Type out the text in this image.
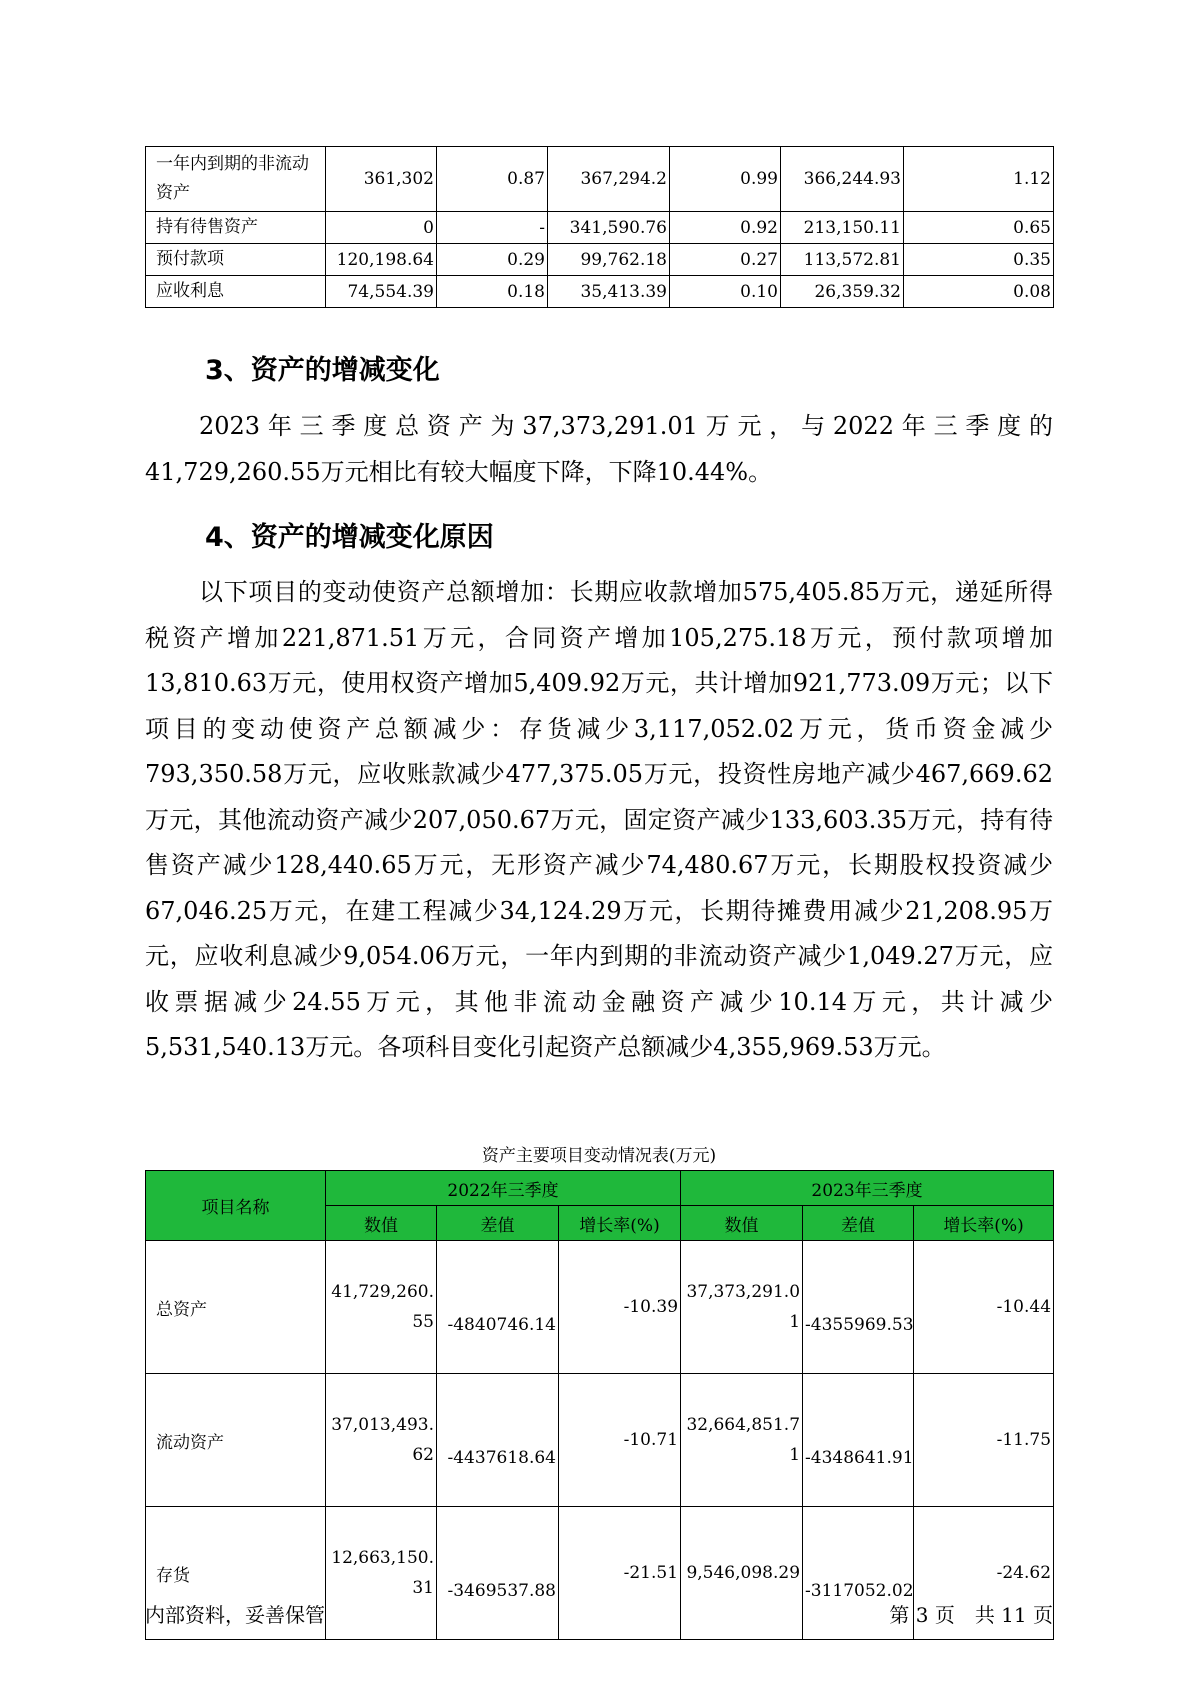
一年内到期的非流动资产	361,302	0.87	367,294.2	0.99	366,244.93	1.12
持有待售资产	0	-	341,590.76	0.92	213,150.11	0.65
预付款项	120,198.64	0.29	99,762.18	0.27	113,572.81	0.35
应收利息	74,554.39	0.18	35,413.39	0.10	26,359.32	0.08
3、资产的增减变化

2023年三季度总资产为37,373,291.01万元，与2022年三季度的41,729,260.55万元相比有较大幅度下降，下降10.44%。

4、资产的增减变化原因

以下项目的变动使资产总额增加：长期应收款增加575,405.85万元，递延所得税资产增加221,871.51万元，合同资产增加105,275.18万元，预付款项增加13,810.63万元，使用权资产增加5,409.92万元，共计增加921,773.09万元；以下项目的变动使资产总额减少：存货减少3,117,052.02万元，货币资金减少793,350.58万元，应收账款减少477,375.05万元，投资性房地产减少467,669.62万元，其他流动资产减少207,050.67万元，固定资产减少133,603.35万元，持有待售资产减少128,440.65万元，无形资产减少74,480.67万元，长期股权投资减少67,046.25万元，在建工程减少34,124.29万元，长期待摊费用减少21,208.95万元，应收利息减少9,054.06万元，一年内到期的非流动资产减少1,049.27万元，应收票据减少24.55万元，其他非流动金融资产减少10.14万元，共计减少5,531,540.13万元。各项科目变化引起资产总额减少4,355,969.53万元。

资产主要项目变动情况表(万元)
项目名称	2022年三季度			2023年三季度		
	数值	差值	增长率(%)	数值	差值	增长率(%)
总资产	41,729,260.55	-4840746.14	-10.39	37,373,291.01	-4355969.53	-10.44
流动资产	37,013,493.62	-4437618.64	-10.71	32,664,851.71	-4348641.91	-11.75
存货	12,663,150.31	-3469537.88	-21.51	9,546,098.29	-3117052.02	-24.62
内部资料，妥善保管	第 3 页　共 11 页
